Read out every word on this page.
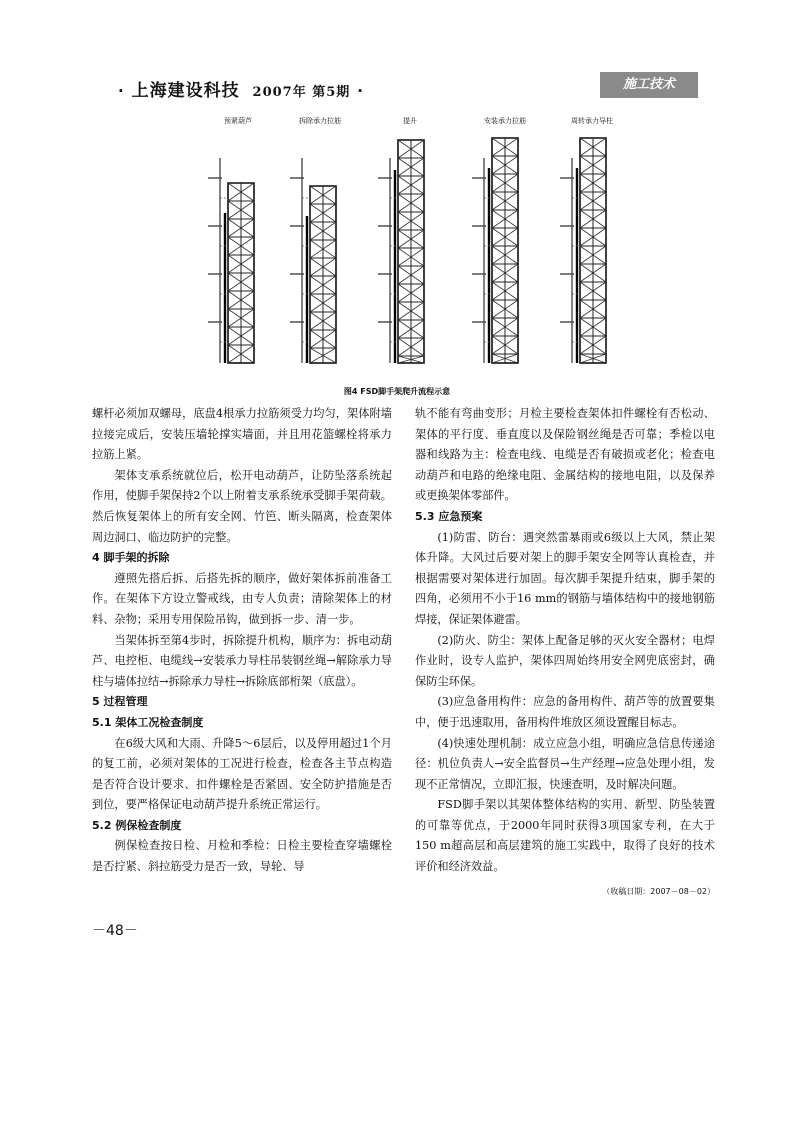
· 上海建设科技 2007年 第5期 ·	施工技术
预紧葫芦	拆除承力拉筋	提升	安装承力拉筋	周转承力导柱
图4 FSD脚手架爬升流程示意

螺杆必须加双螺母，底盘4根承力拉筋须受力均匀，架体附墙拉接完成后，安装压墙轮撑实墙面，并且用花篮螺栓将承力拉筋上紧。

架体支承系统就位后，松开电动葫芦，让防坠落系统起作用，使脚手架保持2个以上附着支承系统承受脚手架荷载。然后恢复架体上的所有安全网、竹笆、断头隔离，检查架体周边洞口、临边防护的完整。

4 脚手架的拆除

遵照先搭后拆、后搭先拆的顺序，做好架体拆前准备工作。在架体下方设立警戒线，由专人负责；清除架体上的材料、杂物；采用专用保险吊钩，做到拆一步、清一步。

当架体拆至第4步时，拆除提升机构，顺序为：拆电动葫芦、电控柜、电缆线→安装承力导柱吊装钢丝绳→解除承力导柱与墙体拉结→拆除承力导柱→拆除底部桁架（底盘）。

5 过程管理
5.1 架体工况检查制度

在6级大风和大雨、升降5～6层后，以及停用超过1个月的复工前，必须对架体的工况进行检查，检查各主节点构造是否符合设计要求、扣件螺栓是否紧固、安全防护措施是否到位，要严格保证电动葫芦提升系统正常运行。

5.2 例保检查制度

例保检查按日检、月检和季检：日检主要检查穿墙螺栓是否拧紧、斜拉筋受力是否一致，导轮、导

轨不能有弯曲变形；月检主要检查架体扣件螺栓有否松动、架体的平行度、垂直度以及保险钢丝绳是否可靠；季检以电器和线路为主：检查电线、电缆是否有破损或老化；检查电动葫芦和电路的绝缘电阻、金属结构的接地电阻，以及保养或更换架体零部件。

5.3 应急预案

(1)防雷、防台：遇突然雷暴雨或6级以上大风，禁止架体升降。大风过后要对架上的脚手架安全网等认真检查，并根据需要对架体进行加固。每次脚手架提升结束，脚手架的四角，必须用不小于16 mm的钢筋与墙体结构中的接地钢筋焊接，保证架体避雷。

(2)防火、防尘：架体上配备足够的灭火安全器材；电焊作业时，设专人监护，架体四周始终用安全网兜底密封，确保防尘环保。

(3)应急备用构件：应急的备用构件、葫芦等的放置要集中，便于迅速取用，备用构件堆放区须设置醒目标志。

(4)快速处理机制：成立应急小组，明确应急信息传递途径：机位负责人→安全监督员→生产经理→应急处理小组，发现不正常情况，立即汇报，快速查明，及时解决问题。

FSD脚手架以其架体整体结构的实用、新型、防坠装置的可靠等优点，于2000年同时获得3项国家专利，在大于150 m超高层和高层建筑的施工实践中，取得了良好的技术评价和经济效益。

（收稿日期：2007－08－02）
－48－
